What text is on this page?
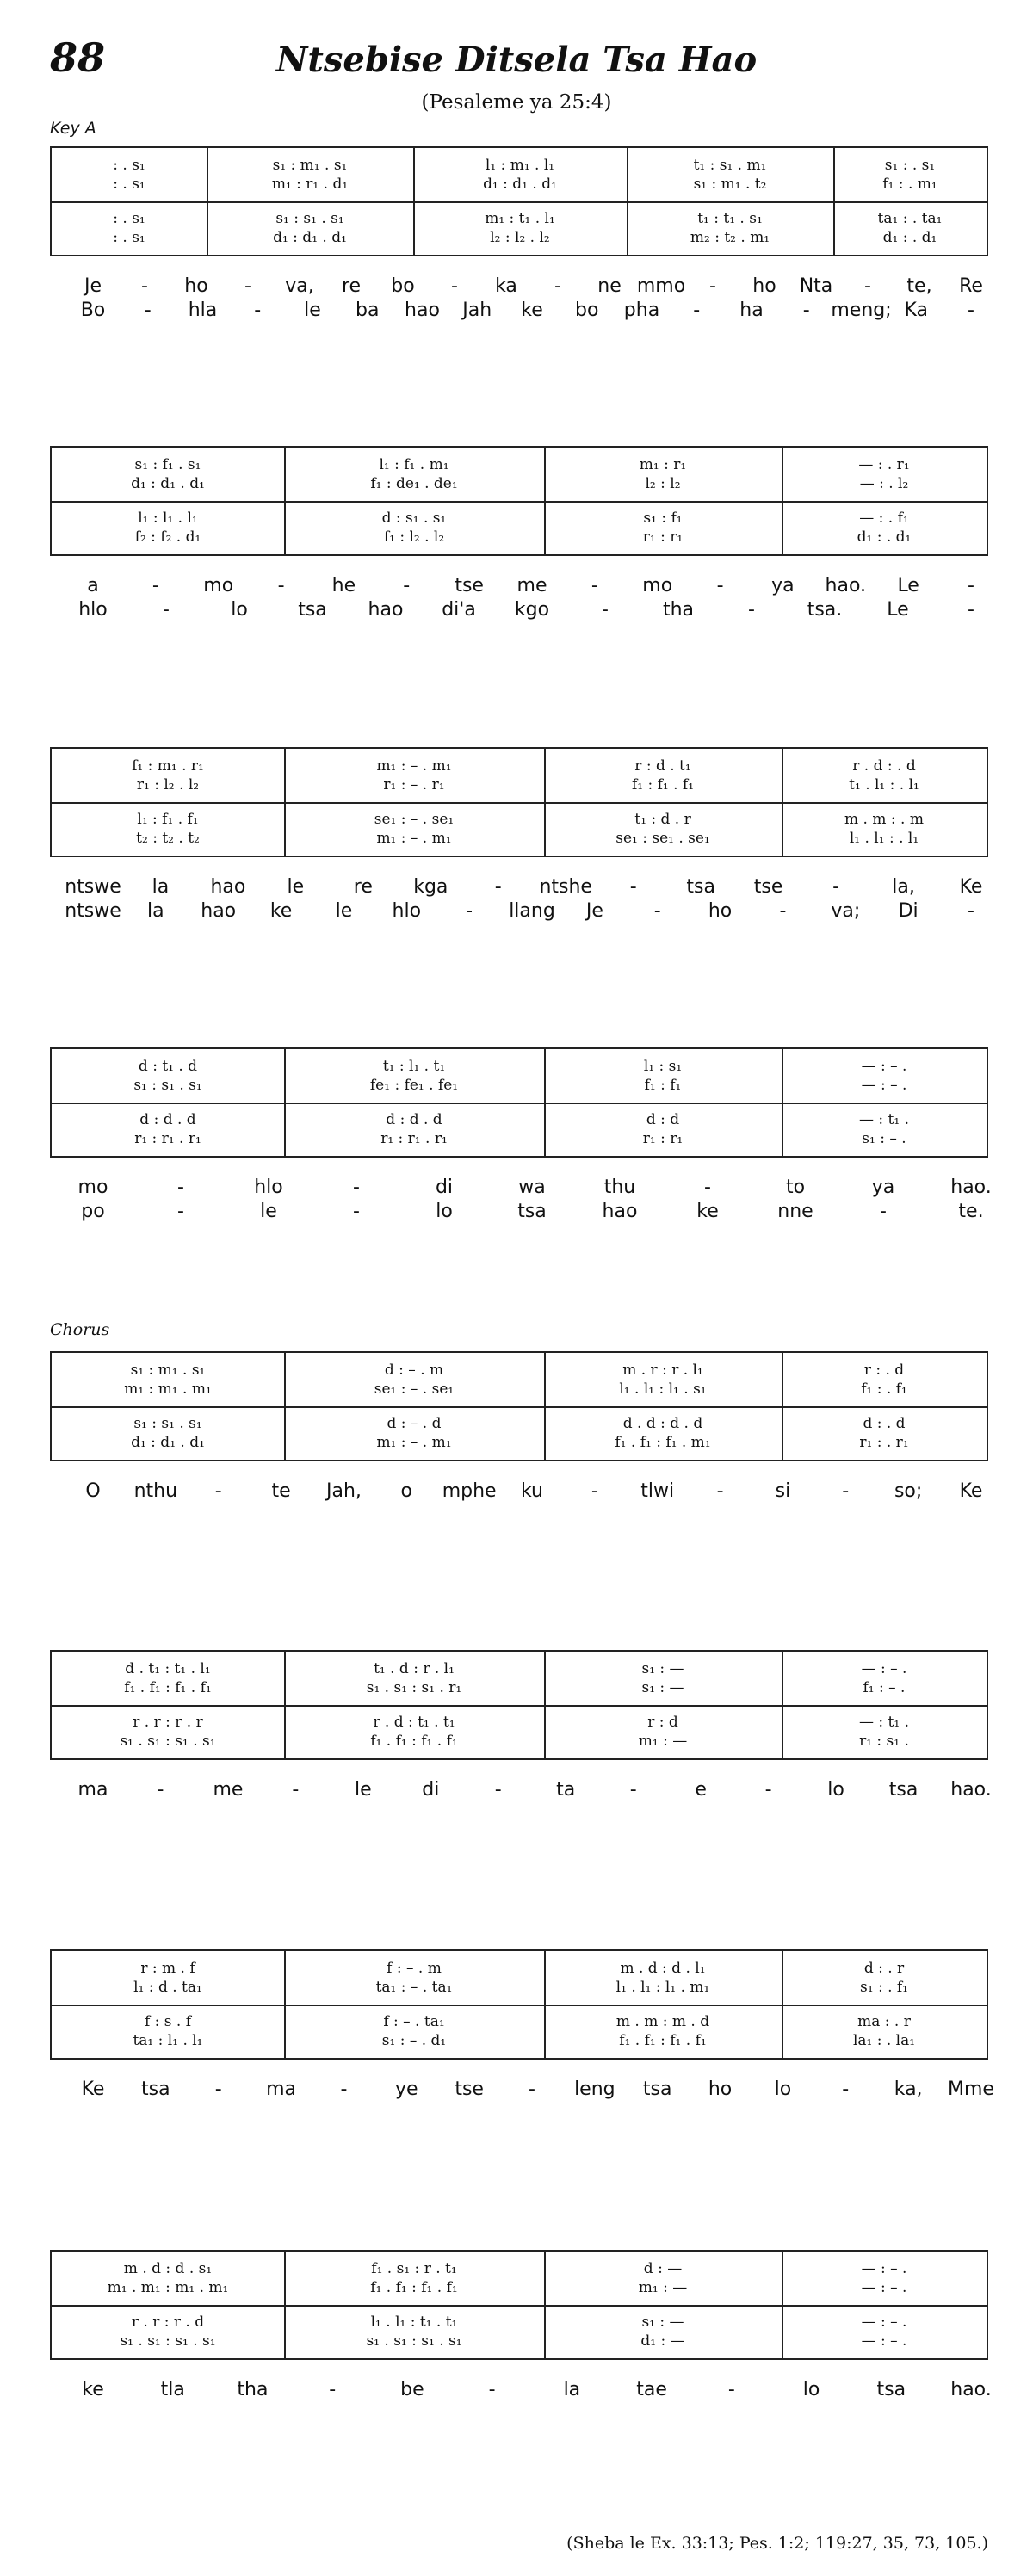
88	Ntsebise Ditsela Tsa Hao
(Pesaleme ya 25:4)
Key A
Chorus
: . s₁	s₁ : m₁ . s₁	l₁ : m₁ . l₁	t₁ : s₁ . m₁	s₁ : . s₁
: . s₁	m₁ : r₁ . d₁	d₁ : d₁ . d₁	s₁ : m₁ . t₂	f₁ : . m₁
: . s₁	s₁ : s₁ . s₁	m₁ : t₁ . l₁	t₁ : t₁ . s₁	ta₁ : . ta₁
: . s₁	d₁ : d₁ . d₁	l₂ : l₂ . l₂	m₂ : t₂ . m₁	d₁ : . d₁
Je - ho - va, re bo - ka - ne mmo - ho Nta - te, Re
Bo - hla - le ba hao Jah ke bo pha - ha - meng; Ka -
s₁ : f₁ . s₁	l₁ : f₁ . m₁	m₁ : r₁	— : . r₁
d₁ : d₁ . d₁	f₁ : de₁ . de₁	l₂ : l₂	— : . l₂
l₁ : l₁ . l₁	d : s₁ . s₁	s₁ : f₁	— : . f₁
f₂ : f₂ . d₁	f₁ : l₂ . l₂	r₁ : r₁	d₁ : . d₁
a	- mo -	he	- tse me - mo -	ya hao. Le	-
hlo	-	lo	tsa hao di'a kgo	-	tha	-	tsa. Le	-
f₁ : m₁ . r₁	m₁ : – . m₁	r : d . t₁	r . d : . d
r₁ : l₂ . l₂	r₁ : – . r₁	f₁ : f₁ . f₁	t₁ . l₁ : . l₁
l₁ : f₁ . f₁	se₁ : – . se₁	t₁ : d . r	m . m : . m
t₂ : t₂ . t₂	m₁ : – . m₁	se₁ : se₁ . se₁	l₁ . l₁ : . l₁
ntswe la hao le	re kga - ntshe -	tsa tse	-	la, Ke
ntswe la hao ke le hlo - llang Je	-	ho	- va; Di	-
d : t₁ . d	t₁ : l₁ . t₁	l₁ : s₁	— : – .
s₁ : s₁ . s₁	fe₁ : fe₁ . fe₁	f₁ : f₁	— : – .
d : d . d	d : d . d	d : d	— : t₁ .
r₁ : r₁ . r₁	r₁ : r₁ . r₁	r₁ : r₁	s₁ : – .
mo	-	hlo	-	di	wa	thu	-	to	ya	hao.
po	-	le	-	lo	tsa	hao	ke	nne	-	te.
s₁ : m₁ . s₁	d : – . m	m . r : r . l₁	r : . d
m₁ : m₁ . m₁	se₁ : – . se₁	l₁ . l₁ : l₁ . s₁	f₁ : . f₁
s₁ : s₁ . s₁	d : – . d	d . d : d . d	d : . d
d₁ : d₁ . d₁	m₁ : – . m₁	f₁ . f₁ : f₁ . m₁	r₁ : . r₁
O nthu -	te Jah, o mphe ku	- tlwi -	si	- so; Ke
d . t₁ : t₁ . l₁	t₁ . d : r . l₁	s₁ : —	— : – .
f₁ . f₁ : f₁ . f₁	s₁ . s₁ : s₁ . r₁	s₁ : —	f₁ : – .
r . r : r . r	r . d : t₁ . t₁	r : d	— : t₁ .
s₁ . s₁ : s₁ . s₁	f₁ . f₁ : f₁ . f₁	m₁ : —	r₁ : s₁ .
ma	-	me	-	le	di	-	ta	-	e	-	lo tsa hao.
r : m . f	f : – . m	m . d : d . l₁	d : . r
l₁ : d . ta₁	ta₁ : – . ta₁	l₁ . l₁ : l₁ . m₁	s₁ : . f₁
f : s . f	f : – . ta₁	m . m : m . d	ma : . r
ta₁ : l₁ . l₁	s₁ : – . d₁	f₁ . f₁ : f₁ . f₁	la₁ : . la₁
Ke tsa - ma -	ye tse - leng tsa ho lo	- ka, Mme
m . d : d . s₁	f₁ . s₁ : r . t₁	d : —	— : – .
m₁ . m₁ : m₁ . m₁	f₁ . f₁ : f₁ . f₁	m₁ : —	— : – .
r . r : r . d	l₁ . l₁ : t₁ . t₁	s₁ : —	— : – .
s₁ . s₁ : s₁ . s₁	s₁ . s₁ : s₁ . s₁	d₁ : —	— : – .
ke	tla	tha	-	be	-	la	tae	-	lo	tsa hao.
(Sheba le Ex. 33:13; Pes. 1:2; 119:27, 35, 73, 105.)
